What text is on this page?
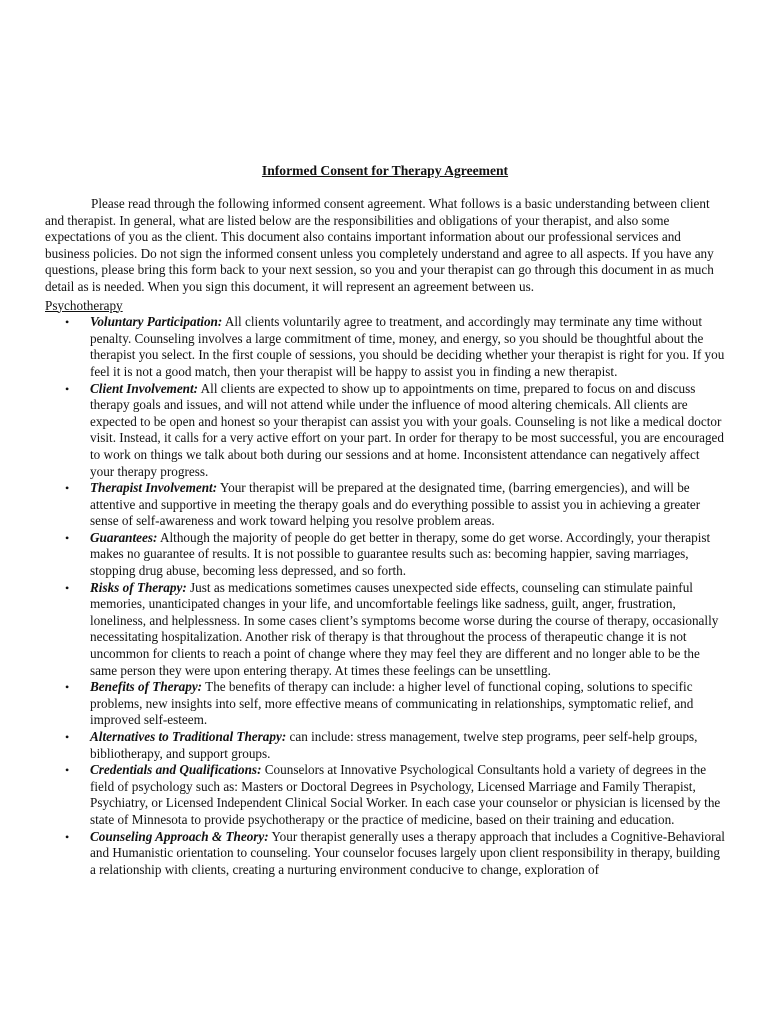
Informed Consent for Therapy Agreement

Please read through the following informed consent agreement. What follows is a basic understanding between client and therapist. In general, what are listed below are the responsibilities and obligations of your therapist, and also some expectations of you as the client. This document also contains important information about our professional services and business policies. Do not sign the informed consent unless you completely understand and agree to all aspects. If you have any questions, please bring this form back to your next session, so you and your therapist can go through this document in as much detail as is needed. When you sign this document, it will represent an agreement between us.

Psychotherapy
• Voluntary Participation: All clients voluntarily agree to treatment, and accordingly may terminate any time without penalty. Counseling involves a large commitment of time, money, and energy, so you should be thoughtful about the therapist you select. In the first couple of sessions, you should be deciding whether your therapist is right for you. If you feel it is not a good match, then your therapist will be happy to assist you in finding a new therapist.
• Client Involvement: All clients are expected to show up to appointments on time, prepared to focus on and discuss therapy goals and issues, and will not attend while under the influence of mood altering chemicals. All clients are expected to be open and honest so your therapist can assist you with your goals. Counseling is not like a medical doctor visit. Instead, it calls for a very active effort on your part. In order for therapy to be most successful, you are encouraged to work on things we talk about both during our sessions and at home. Inconsistent attendance can negatively affect your therapy progress.
• Therapist Involvement: Your therapist will be prepared at the designated time, (barring emergencies), and will be attentive and supportive in meeting the therapy goals and do everything possible to assist you in achieving a greater sense of self-awareness and work toward helping you resolve problem areas.
• Guarantees: Although the majority of people do get better in therapy, some do get worse. Accordingly, your therapist makes no guarantee of results. It is not possible to guarantee results such as: becoming happier, saving marriages, stopping drug abuse, becoming less depressed, and so forth.
• Risks of Therapy: Just as medications sometimes causes unexpected side effects, counseling can stimulate painful memories, unanticipated changes in your life, and uncomfortable feelings like sadness, guilt, anger, frustration, loneliness, and helplessness. In some cases client’s symptoms become worse during the course of therapy, occasionally necessitating hospitalization. Another risk of therapy is that throughout the process of therapeutic change it is not uncommon for clients to reach a point of change where they may feel they are different and no longer able to be the same person they were upon entering therapy. At times these feelings can be unsettling.
• Benefits of Therapy: The benefits of therapy can include: a higher level of functional coping, solutions to specific problems, new insights into self, more effective means of communicating in relationships, symptomatic relief, and improved self-esteem.
• Alternatives to Traditional Therapy: can include: stress management, twelve step programs, peer self-help groups, bibliotherapy, and support groups.
• Credentials and Qualifications: Counselors at Innovative Psychological Consultants hold a variety of degrees in the field of psychology such as: Masters or Doctoral Degrees in Psychology, Licensed Marriage and Family Therapist, Psychiatry, or Licensed Independent Clinical Social Worker. In each case your counselor or physician is licensed by the state of Minnesota to provide psychotherapy or the practice of medicine, based on their training and education.
• Counseling Approach & Theory: Your therapist generally uses a therapy approach that includes a Cognitive-Behavioral and Humanistic orientation to counseling. Your counselor focuses largely upon client responsibility in therapy, building a relationship with clients, creating a nurturing environment conducive to change, exploration of
